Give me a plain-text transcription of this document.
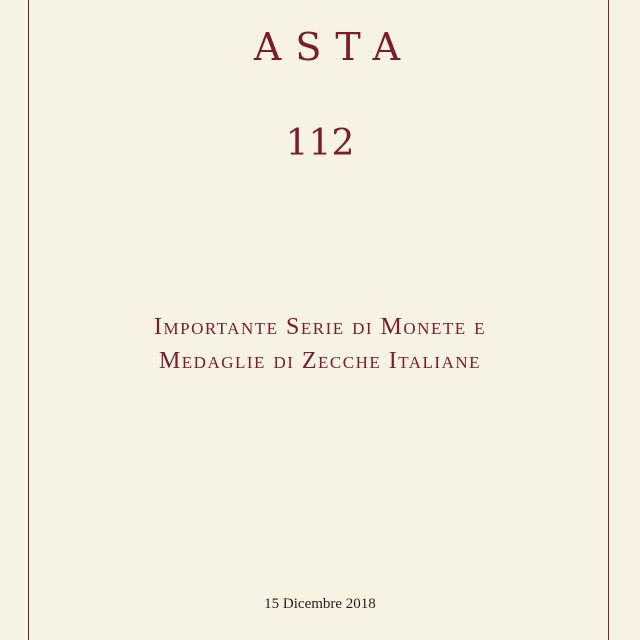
ASTA
112
Importante Serie di Monete e
Medaglie di Zecche Italiane
15 Dicembre 2018
